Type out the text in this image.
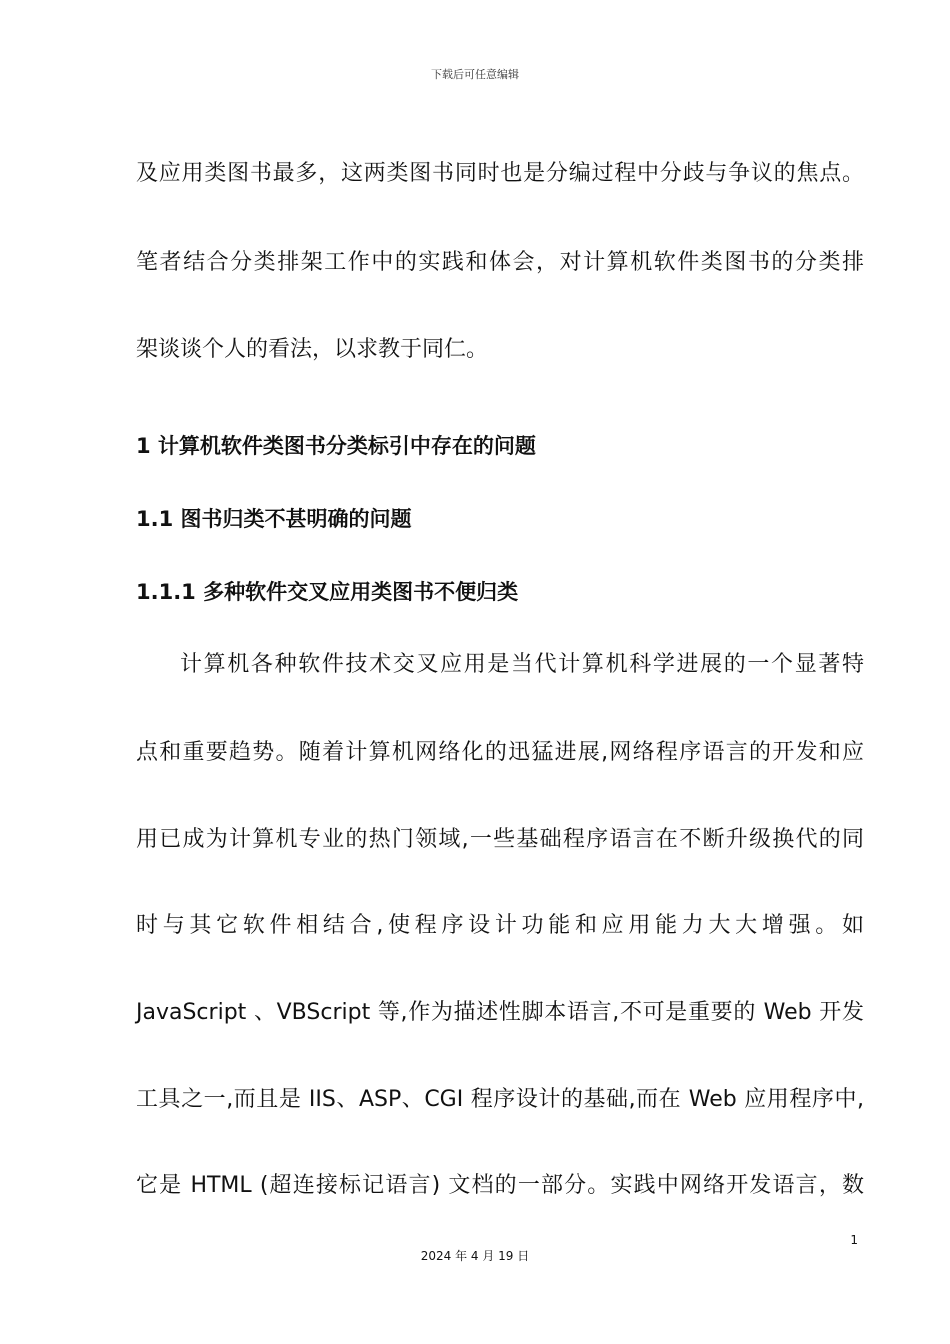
下载后可任意编辑
及应用类图书最多，这两类图书同时也是分编过程中分歧与争议的焦点。
笔者结合分类排架工作中的实践和体会，对计算机软件类图书的分类排
架谈谈个人的看法，以求教于同仁。
1 计算机软件类图书分类标引中存在的问题
1.1 图书归类不甚明确的问题
1.1.1 多种软件交叉应用类图书不便归类
计算机各种软件技术交叉应用是当代计算机科学进展的一个显著特
点和重要趋势。随着计算机网络化的迅猛进展,网络程序语言的开发和应
用已成为计算机专业的热门领域,一些基础程序语言在不断升级换代的同
时与其它软件相结合,使程序设计功能和应用能力大大增强。如
JavaScript 、VBScript 等,作为描述性脚本语言,不可是重要的 Web 开发
工具之一,而且是 IIS、ASP、CGI 程序设计的基础,而在 Web 应用程序中,
它是 HTML (超连接标记语言) 文档的一部分。实践中网络开发语言，数
1
2024 年 4 月 19 日
